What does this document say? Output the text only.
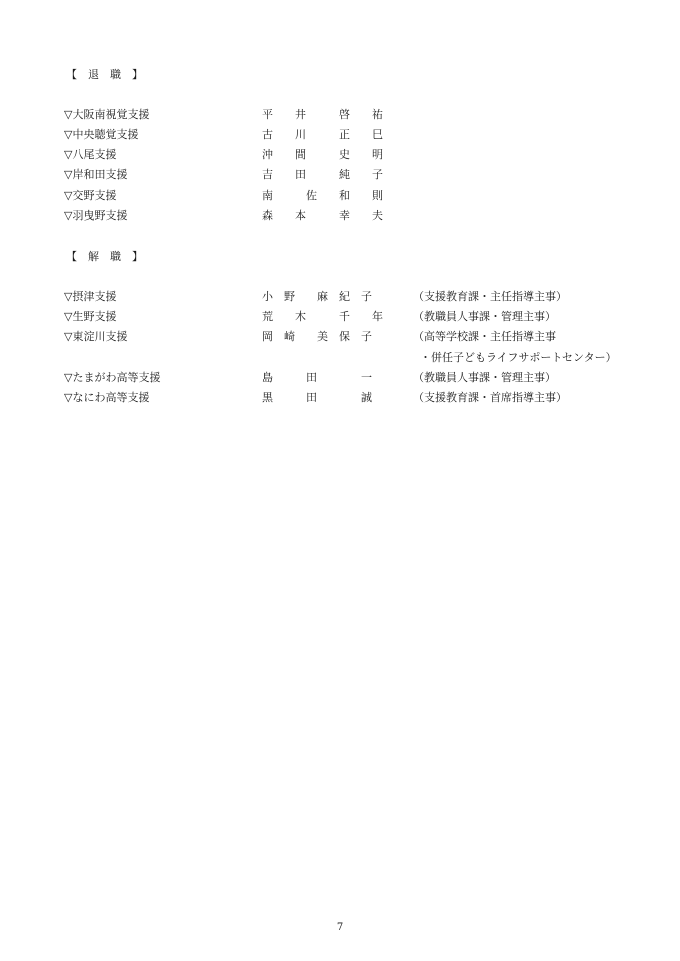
【　退　職　】
▽大阪南視覚支援	平　　井　　　啓　　祐
▽中央聴覚支援	古　　川　　　正　　巳
▽八尾支援	沖　　間　　　史　　明
▽岸和田支援	吉　　田　　　純　　子
▽交野支援	南　　　佐　　和　　則
▽羽曳野支援	森　　本　　　幸　　夫
【　解　職　】
▽摂津支援	小　野　　麻　紀　子	（支援教育課・主任指導主事）
▽生野支援	荒　　木　　　千　　年	（教職員人事課・管理主事）
▽東淀川支援	岡　崎　　美　保　子	（高等学校課・主任指導主事
・併任子どもライフサポートセンター）
▽たまがわ高等支援	島　　　田　　　　一	（教職員人事課・管理主事）
▽なにわ高等支援	黒　　　田　　　　誠	（支援教育課・首席指導主事）
7
